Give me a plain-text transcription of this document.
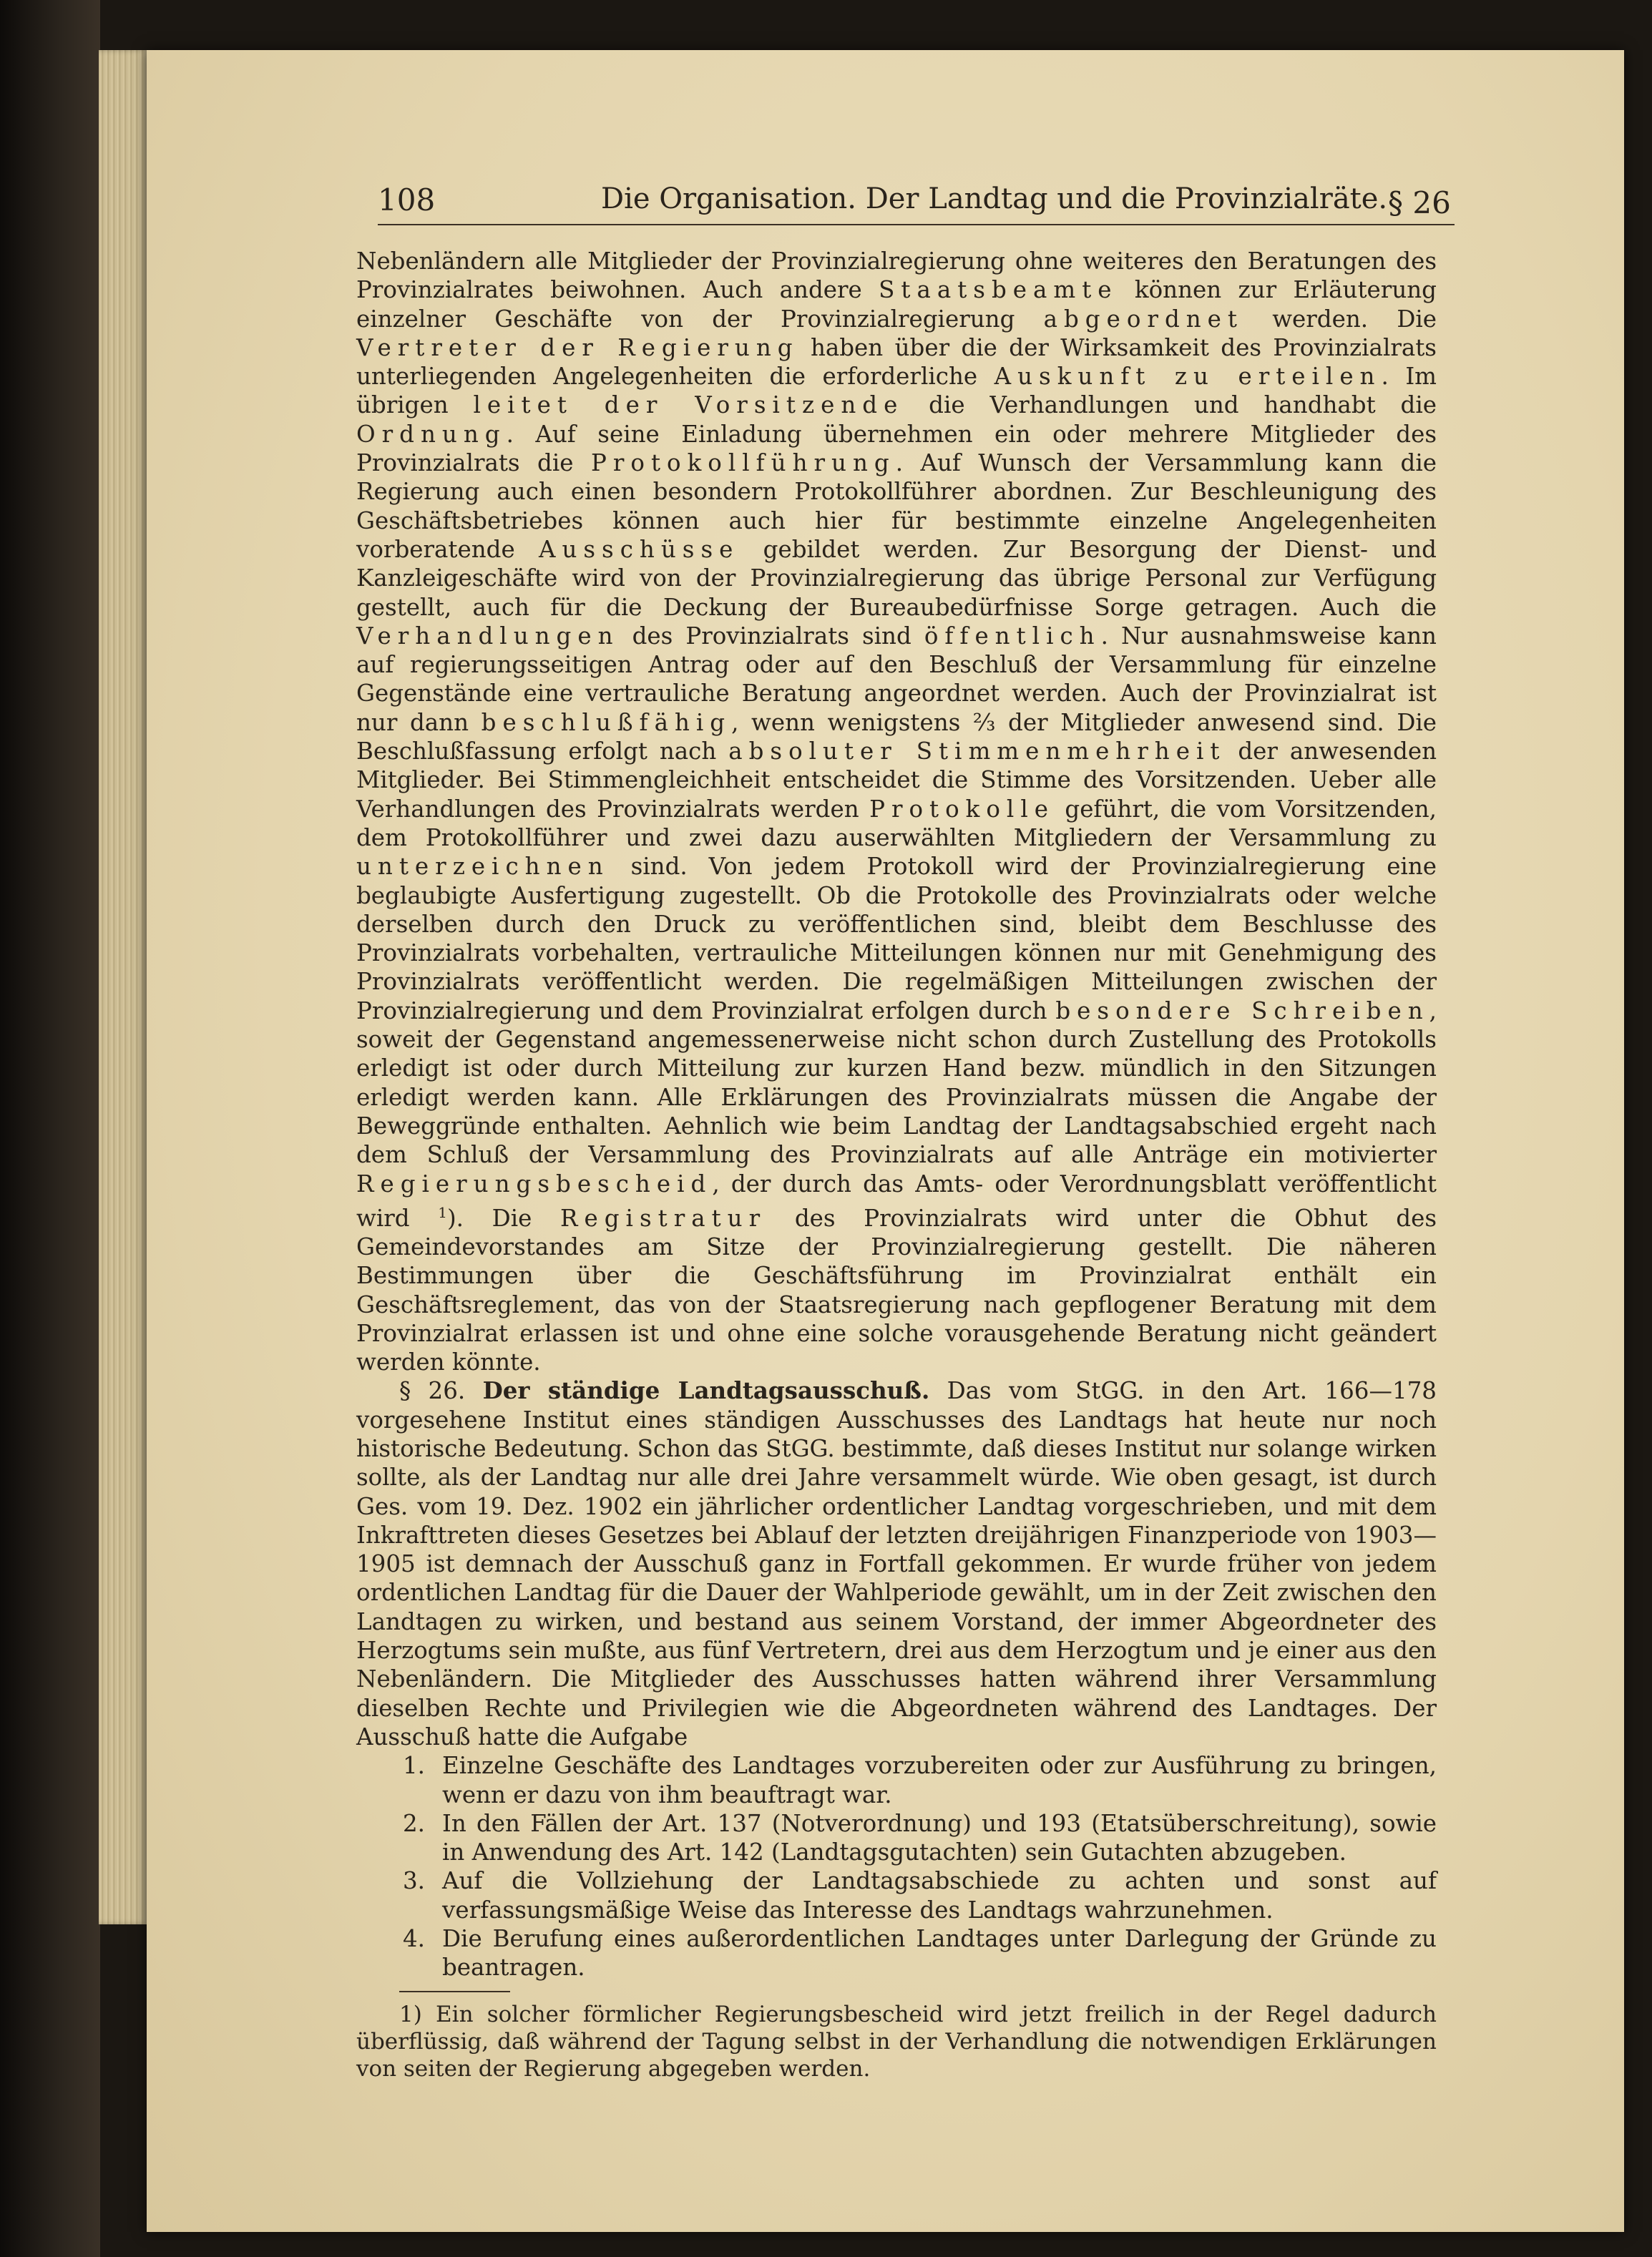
108	Die Organisation. Der Landtag und die Provinzialräte. § 26

Nebenländern alle Mitglieder der Provinzialregierung ohne weiteres den Beratungen des Provinzialrates beiwohnen. Auch andere Staatsbeamte können zur Erläuterung einzelner Geschäfte von der Provinzialregierung abgeordnet werden. Die Vertreter der Regierung haben über die der Wirksamkeit des Provinzialrats unterliegenden Angelegenheiten die erforderliche Auskunft zu erteilen. Im übrigen leitet der Vorsitzende die Verhandlungen und handhabt die Ordnung. Auf seine Einladung übernehmen ein oder mehrere Mitglieder des Provinzialrats die Protokollführung. Auf Wunsch der Versammlung kann die Regierung auch einen besondern Protokollführer abordnen. Zur Beschleunigung des Geschäftsbetriebes können auch hier für bestimmte einzelne Angelegenheiten vorberatende Ausschüsse gebildet werden. Zur Besorgung der Dienst- und Kanzleigeschäfte wird von der Provinzialregierung das übrige Personal zur Verfügung gestellt, auch für die Deckung der Bureaubedürfnisse Sorge getragen. Auch die Verhandlungen des Provinzialrats sind öffentlich. Nur ausnahmsweise kann auf regierungsseitigen Antrag oder auf den Beschluß der Versammlung für einzelne Gegenstände eine vertrauliche Beratung angeordnet werden. Auch der Provinzialrat ist nur dann beschlußfähig, wenn wenigstens ⅔ der Mitglieder anwesend sind. Die Beschlußfassung erfolgt nach absoluter Stimmenmehrheit der anwesenden Mitglieder. Bei Stimmengleichheit entscheidet die Stimme des Vorsitzenden. Ueber alle Verhandlungen des Provinzialrats werden Protokolle geführt, die vom Vorsitzenden, dem Protokollführer und zwei dazu auserwählten Mitgliedern der Versammlung zu unterzeichnen sind. Von jedem Protokoll wird der Provinzialregierung eine beglaubigte Ausfertigung zugestellt. Ob die Protokolle des Provinzialrats oder welche derselben durch den Druck zu veröffentlichen sind, bleibt dem Beschlusse des Provinzialrats vorbehalten, vertrauliche Mitteilungen können nur mit Genehmigung des Provinzialrats veröffentlicht werden. Die regelmäßigen Mitteilungen zwischen der Provinzialregierung und dem Provinzialrat erfolgen durch besondere Schreiben, soweit der Gegenstand angemessenerweise nicht schon durch Zustellung des Protokolls erledigt ist oder durch Mitteilung zur kurzen Hand bezw. mündlich in den Sitzungen erledigt werden kann. Alle Erklärungen des Provinzialrats müssen die Angabe der Beweggründe enthalten. Aehnlich wie beim Landtag der Landtagsabschied ergeht nach dem Schluß der Versammlung des Provinzialrats auf alle Anträge ein motivierter Regierungsbescheid, der durch das Amts- oder Verordnungsblatt veröffentlicht wird $^1$). Die Registratur des Provinzialrats wird unter die Obhut des Gemeindevorstandes am Sitze der Provinzialregierung gestellt. Die näheren Bestimmungen über die Geschäftsführung im Provinzialrat enthält ein Geschäftsreglement, das von der Staatsregierung nach gepflogener Beratung mit dem Provinzialrat erlassen ist und ohne eine solche vorausgehende Beratung nicht geändert werden könnte.

§ 26. Der ständige Landtagsausschuß. Das vom StGG. in den Art. 166—178 vorgesehene Institut eines ständigen Ausschusses des Landtags hat heute nur noch historische Bedeutung. Schon das StGG. bestimmte, daß dieses Institut nur solange wirken sollte, als der Landtag nur alle drei Jahre versammelt würde. Wie oben gesagt, ist durch Ges. vom 19. Dez. 1902 ein jährlicher ordentlicher Landtag vorgeschrieben, und mit dem Inkrafttreten dieses Gesetzes bei Ablauf der letzten dreijährigen Finanzperiode von 1903—1905 ist demnach der Ausschuß ganz in Fortfall gekommen. Er wurde früher von jedem ordentlichen Landtag für die Dauer der Wahlperiode gewählt, um in der Zeit zwischen den Landtagen zu wirken, und bestand aus seinem Vorstand, der immer Abgeordneter des Herzogtums sein mußte, aus fünf Vertretern, drei aus dem Herzogtum und je einer aus den Nebenländern. Die Mitglieder des Ausschusses hatten während ihrer Versammlung dieselben Rechte und Privilegien wie die Abgeordneten während des Landtages. Der Ausschuß hatte die Aufgabe

1. Einzelne Geschäfte des Landtages vorzubereiten oder zur Ausführung zu bringen, wenn er dazu von ihm beauftragt war.
2. In den Fällen der Art. 137 (Notverordnung) und 193 (Etatsüberschreitung), sowie in Anwendung des Art. 142 (Landtagsgutachten) sein Gutachten abzugeben.
3. Auf die Vollziehung der Landtagsabschiede zu achten und sonst auf verfassungsmäßige Weise das Interesse des Landtags wahrzunehmen.
4. Die Berufung eines außerordentlichen Landtages unter Darlegung der Gründe zu beantragen.

1) Ein solcher förmlicher Regierungsbescheid wird jetzt freilich in der Regel dadurch überflüssig, daß während der Tagung selbst in der Verhandlung die notwendigen Erklärungen von seiten der Regierung abgegeben werden.
